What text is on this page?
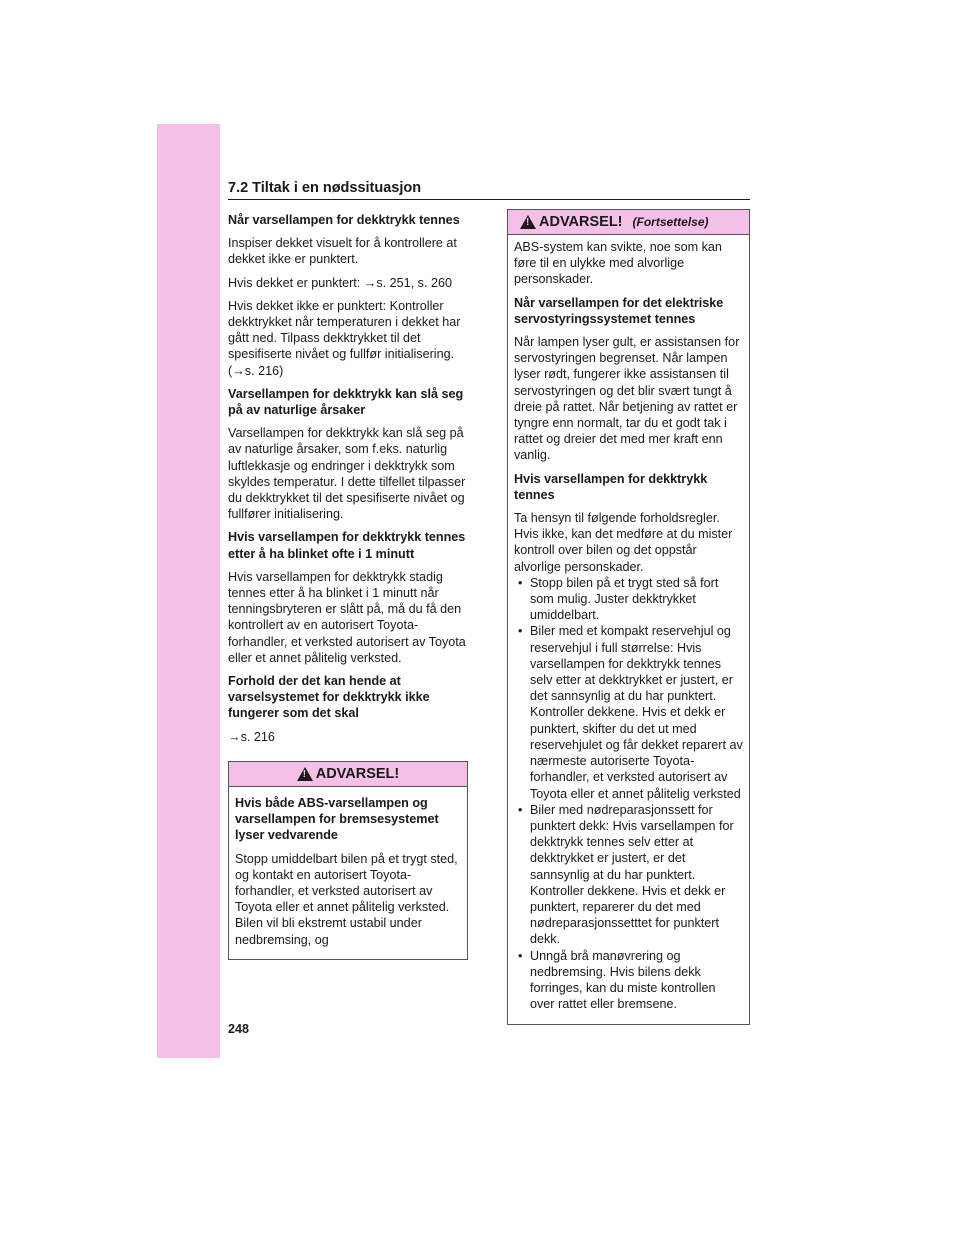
7.2 Tiltak i en nødssituasjon
Når varsellampen for dekktrykk tennes

Inspiser dekket visuelt for å kontrollere at dekket ikke er punktert.

Hvis dekket er punktert: →s. 251, s. 260

Hvis dekket ikke er punktert: Kontroller dekktrykket når temperaturen i dekket har gått ned. Tilpass dekktrykket til det spesifiserte nivået og fullfør initialisering. (→s. 216)

Varsellampen for dekktrykk kan slå seg på av naturlige årsaker

Varsellampen for dekktrykk kan slå seg på av naturlige årsaker, som f.eks. naturlig luftlekkasje og endringer i dekktrykk som skyldes temperatur. I dette tilfellet tilpasser du dekktrykket til det spesifiserte nivået og fullfører initialisering.

Hvis varsellampen for dekktrykk tennes etter å ha blinket ofte i 1 minutt

Hvis varsellampen for dekktrykk stadig tennes etter å ha blinket i 1 minutt når tenningsbryteren er slått på, må du få den kontrollert av en autorisert Toyota-forhandler, et verksted autorisert av Toyota eller et annet pålitelig verksted.

Forhold der det kan hende at varselsystemet for dekktrykk ikke fungerer som det skal

→s. 216

! ADVARSEL!
Hvis både ABS-varsellampen og varsellampen for bremsesystemet lyser vedvarende

Stopp umiddelbart bilen på et trygt sted, og kontakt en autorisert Toyota-forhandler, et verksted autorisert av Toyota eller et annet pålitelig verksted. Bilen vil bli ekstremt ustabil under nedbremsing, og

! ADVARSEL! (Fortsettelse)

ABS-system kan svikte, noe som kan føre til en ulykke med alvorlige personskader.

Når varsellampen for det elektriske servostyringssystemet tennes

Når lampen lyser gult, er assistansen for servostyringen begrenset. Når lampen lyser rødt, fungerer ikke assistansen til servostyringen og det blir svært tungt å dreie på rattet. Når betjening av rattet er tyngre enn normalt, tar du et godt tak i rattet og dreier det med mer kraft enn vanlig.

Hvis varsellampen for dekktrykk tennes

Ta hensyn til følgende forholdsregler. Hvis ikke, kan det medføre at du mister kontroll over bilen og det oppstår alvorlige personskader.

• Stopp bilen på et trygt sted så fort som mulig. Juster dekktrykket umiddelbart.
• Biler med et kompakt reservehjul og reservehjul i full størrelse: Hvis varsellampen for dekktrykk tennes selv etter at dekktrykket er justert, er det sannsynlig at du har punktert. Kontroller dekkene. Hvis et dekk er punktert, skifter du det ut med reservehjulet og får dekket reparert av nærmeste autoriserte Toyota-forhandler, et verksted autorisert av Toyota eller et annet pålitelig verksted
• Biler med nødreparasjonssett for punktert dekk: Hvis varsellampen for dekktrykk tennes selv etter at dekktrykket er justert, er det sannsynlig at du har punktert. Kontroller dekkene. Hvis et dekk er punktert, reparerer du det med nødreparasjonssetttet for punktert dekk.
• Unngå brå manøvrering og nedbremsing. Hvis bilens dekk forringes, kan du miste kontrollen over rattet eller bremsene.
248
